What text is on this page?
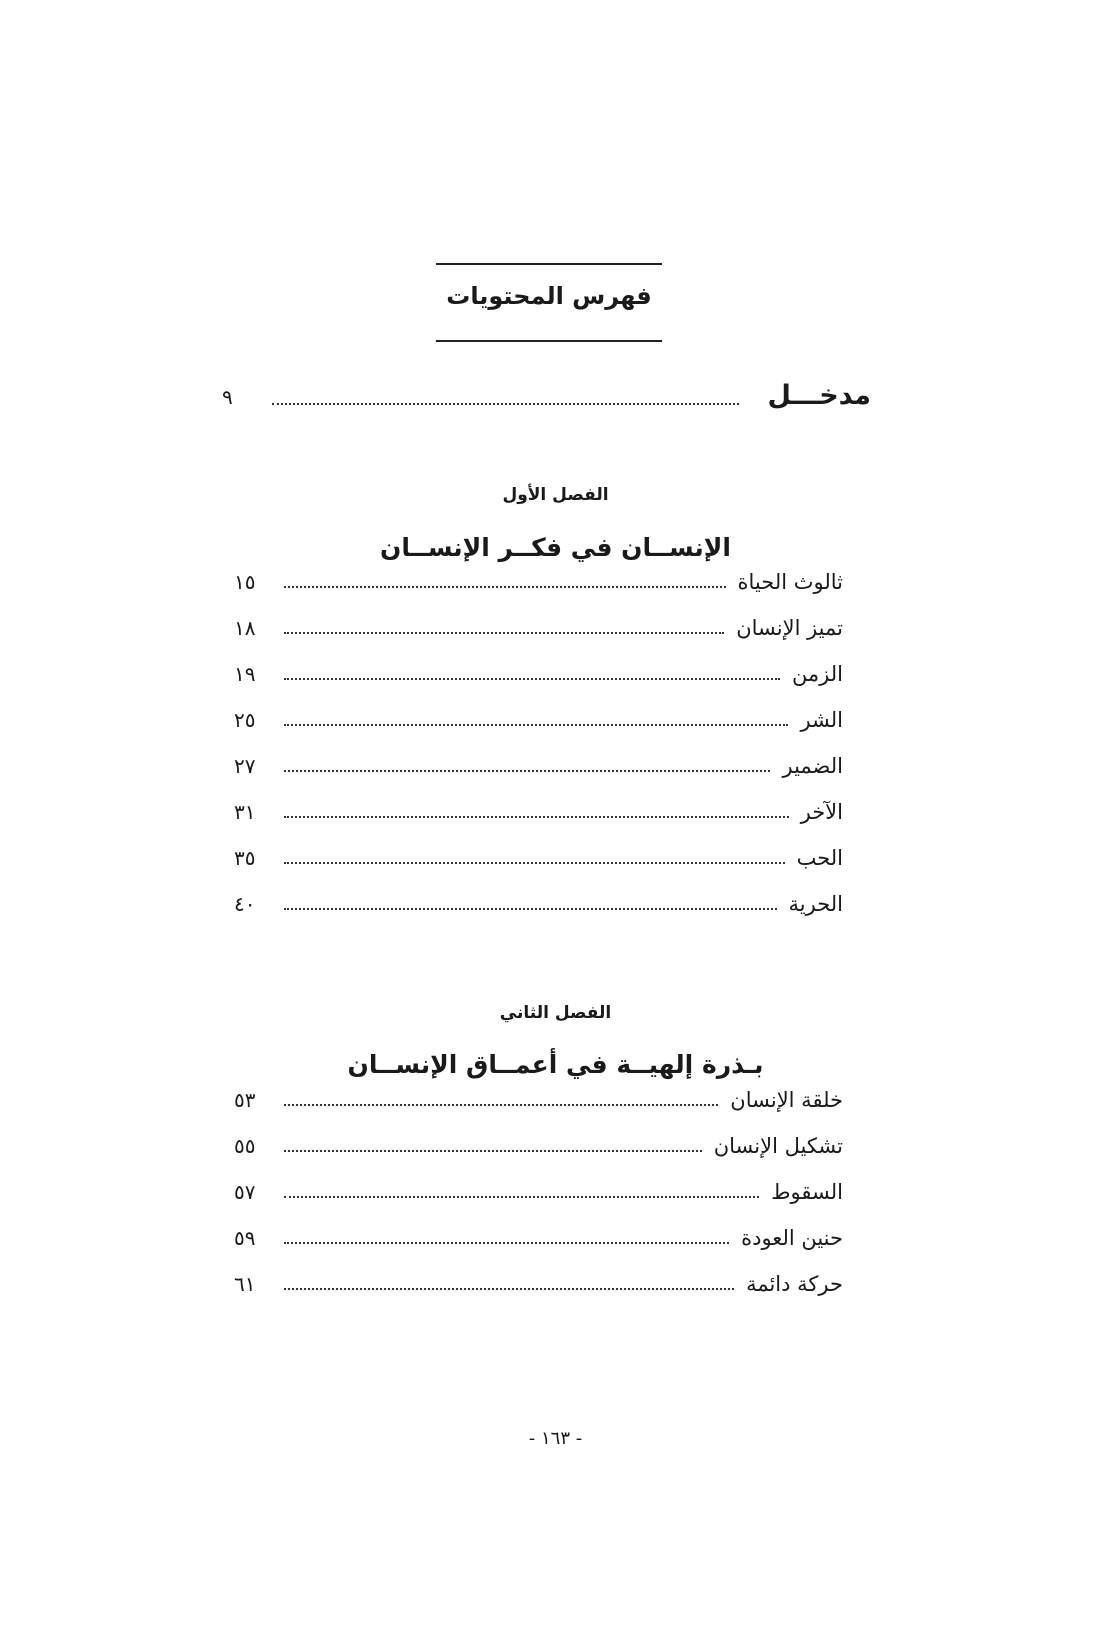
فهرس المحتويات
مدخـــل
٩
الفصل الأول
الإنســان في فكــر الإنســان
ثالوث الحياة
١٥
تميز الإنسان
١٨
الزمن
١٩
الشر
٢٥
الضمير
٢٧
الآخر
٣١
الحب
٣٥
الحرية
٤٠
الفصل الثاني
بـذرة إلهيــة في أعمــاق الإنســان
خلقة الإنسان
٥٣
تشكيل الإنسان
٥٥
السقوط
٥٧
حنين العودة
٥٩
حركة دائمة
٦١
- ١٦٣ -
